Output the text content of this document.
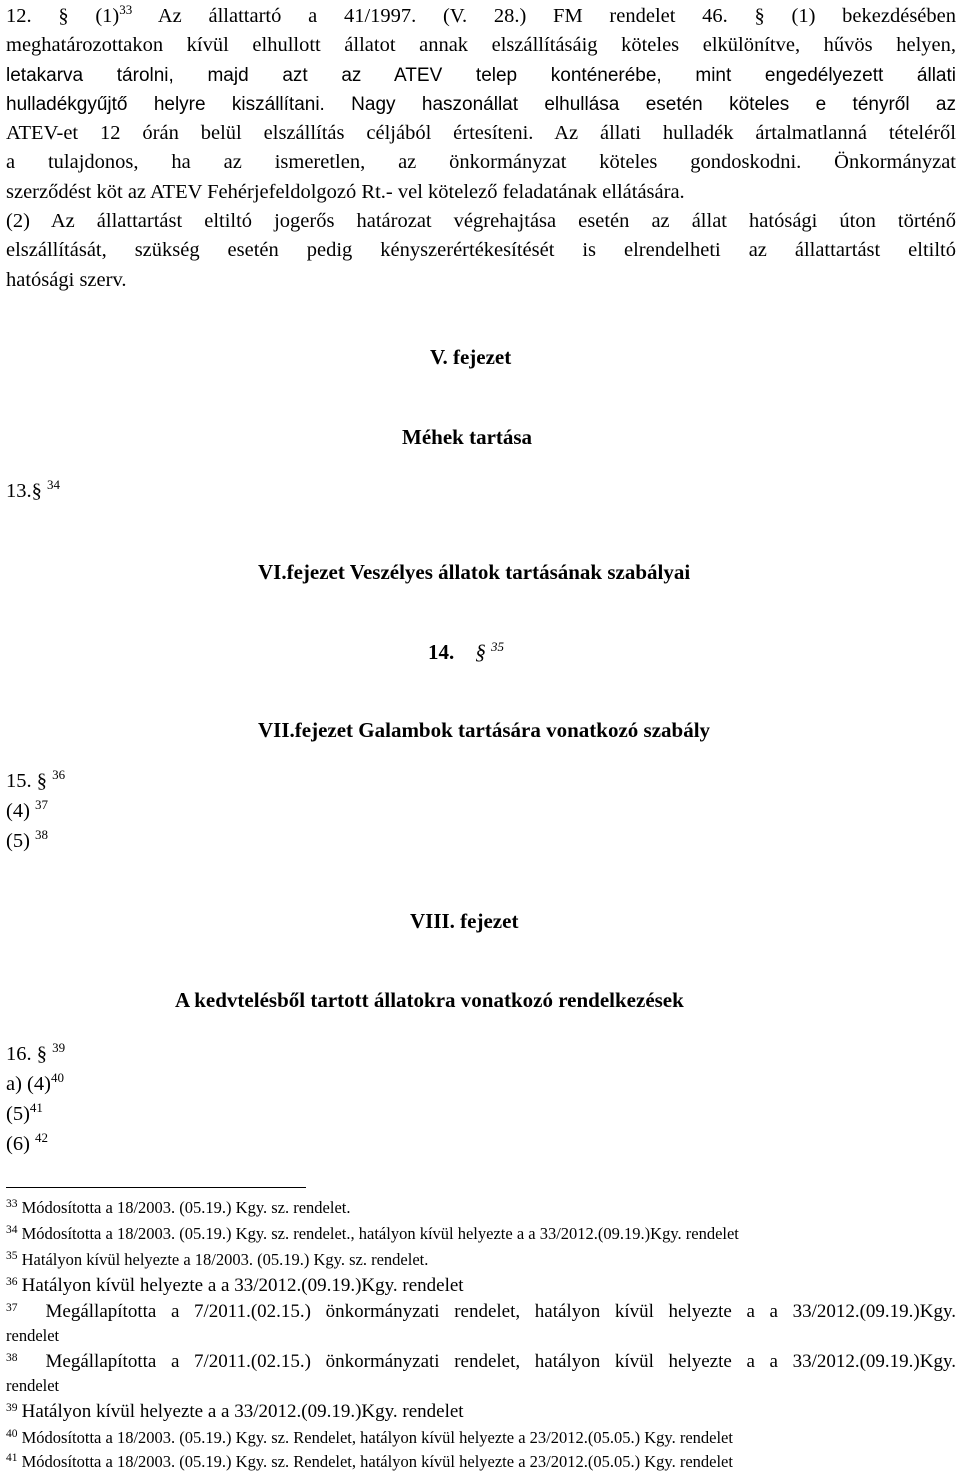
12. § $(1)^{33}$ Az állattartó a 41/1997. (V. 28.) FM rendelet 46. § (1) bekezdésében
meghatározottakon kívül elhullott állatot annak elszállításáig köteles elkülönítve, hűvös helyen,
letakarva tárolni, majd azt az ATEV telep konténerébe, mint engedélyezett állati
hulladékgyűjtő helyre kiszállítani. Nagy haszonállat elhullása esetén köteles e tényről az
ATEV-et 12 órán belül elszállítás céljából értesíteni. Az állati hulladék ártalmatlanná tételéről
a tulajdonos, ha az ismeretlen, az önkormányzat köteles gondoskodni. Önkormányzat
szerződést köt az ATEV Fehérjefeldolgozó Rt.- vel kötelező feladatának ellátására.
(2) Az állattartást eltiltó jogerős határozat végrehajtása esetén az állat hatósági úton történő
elszállítását, szükség esetén pedig kényszerértékesítését is elrendelheti az állattartást eltiltó
hatósági szerv.
V. fejezet
Méhek tartása
13.§ $^{34}$
VI.fejezet Veszélyes állatok tartásának szabályai
14. § $^{35}$
VII.fejezet Galambok tartására vonatkozó szabály
15. § $^{36}$
(4) $^{37}$
(5) $^{38}$
VIII. fejezet
A kedvtelésből tartott állatokra vonatkozó rendelkezések
16. § $^{39}$
a) $(4)^{40}$
$(5)^{41}$
(6) $^{42}$
$^{33}$ Módosította a 18/2003. (05.19.) Kgy. sz. rendelet.
$^{34}$ Módosította a 18/2003. (05.19.) Kgy. sz. rendelet., hatályon kívül helyezte a a 33/2012.(09.19.)Kgy. rendelet
$^{35}$ Hatályon kívül helyezte a 18/2003. (05.19.) Kgy. sz. rendelet.
$^{36}$ Hatályon kívül helyezte a a 33/2012.(09.19.)Kgy. rendelet
$^{37}$ Megállapította a 7/2011.(02.15.) önkormányzati rendelet, hatályon kívül helyezte a a 33/2012.(09.19.)Kgy.
rendelet
$^{38}$ Megállapította a 7/2011.(02.15.) önkormányzati rendelet, hatályon kívül helyezte a a 33/2012.(09.19.)Kgy.
rendelet
$^{39}$ Hatályon kívül helyezte a a 33/2012.(09.19.)Kgy. rendelet
$^{40}$ Módosította a 18/2003. (05.19.) Kgy. sz. Rendelet, hatályon kívül helyezte a 23/2012.(05.05.) Kgy. rendelet
$^{41}$ Módosította a 18/2003. (05.19.) Kgy. sz. Rendelet, hatályon kívül helyezte a 23/2012.(05.05.) Kgy. rendelet
